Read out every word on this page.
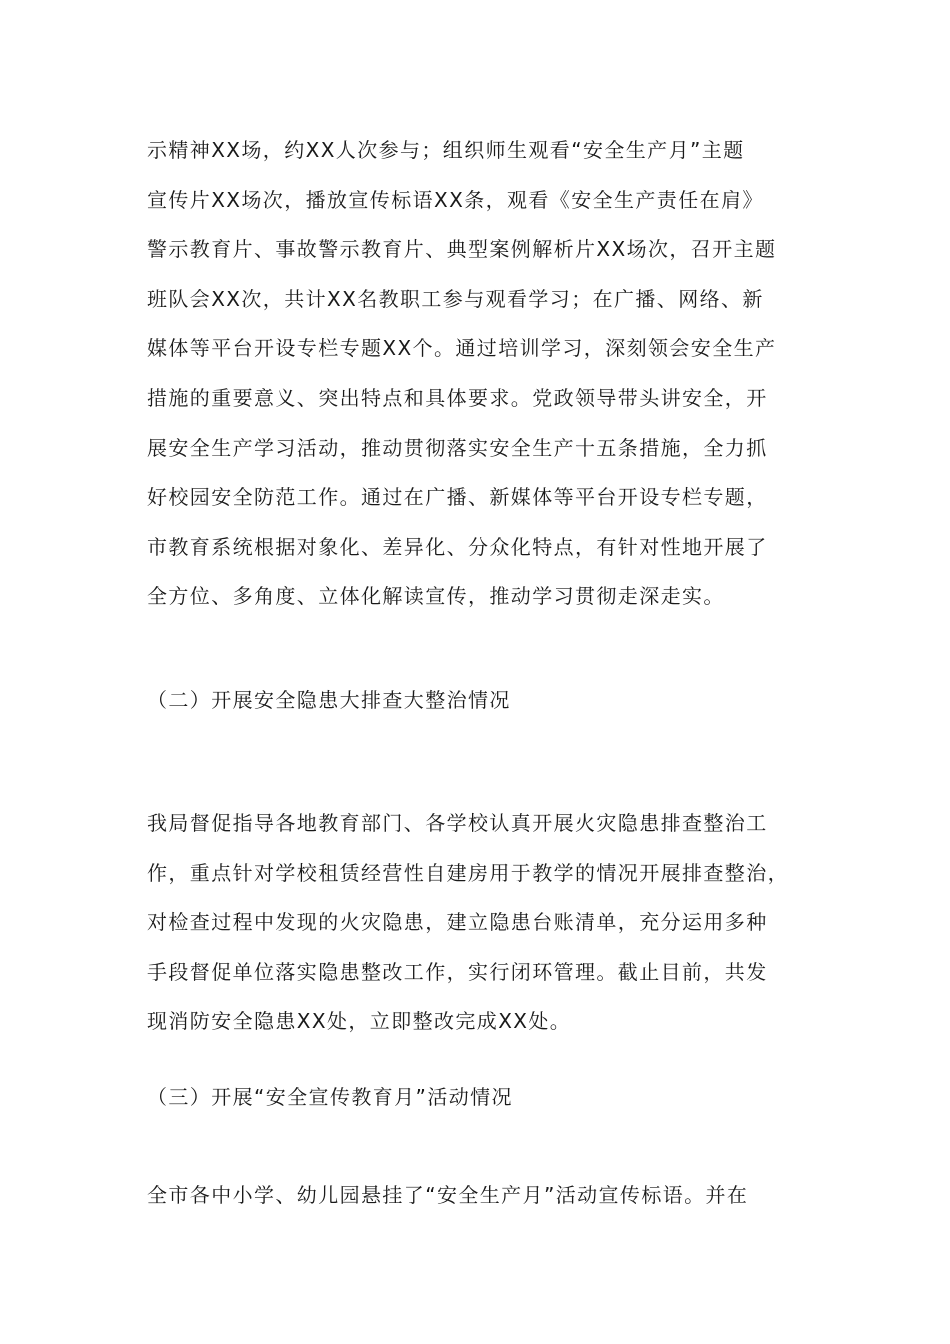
示精神XX场，约XX人次参与；组织师生观看“安全生产月”主题
宣传片XX场次，播放宣传标语XX条，观看《安全生产责任在肩》
警示教育片、事故警示教育片、典型案例解析片XX场次，召开主题
班队会XX次，共计XX名教职工参与观看学习；在广播、网络、新
媒体等平台开设专栏专题XX个。通过培训学习，深刻领会安全生产
措施的重要意义、突出特点和具体要求。党政领导带头讲安全，开
展安全生产学习活动，推动贯彻落实安全生产十五条措施，全力抓
好校园安全防范工作。通过在广播、新媒体等平台开设专栏专题，
市教育系统根据对象化、差异化、分众化特点，有针对性地开展了
全方位、多角度、立体化解读宣传，推动学习贯彻走深走实。
（二）开展安全隐患大排查大整治情况
我局督促指导各地教育部门、各学校认真开展火灾隐患排查整治工
作，重点针对学校租赁经营性自建房用于教学的情况开展排查整治，
对检查过程中发现的火灾隐患，建立隐患台账清单，充分运用多种
手段督促单位落实隐患整改工作，实行闭环管理。截止目前，共发
现消防安全隐患XX处，立即整改完成XX处。
（三）开展“安全宣传教育月”活动情况
全市各中小学、幼儿园悬挂了“安全生产月”活动宣传标语。并在
